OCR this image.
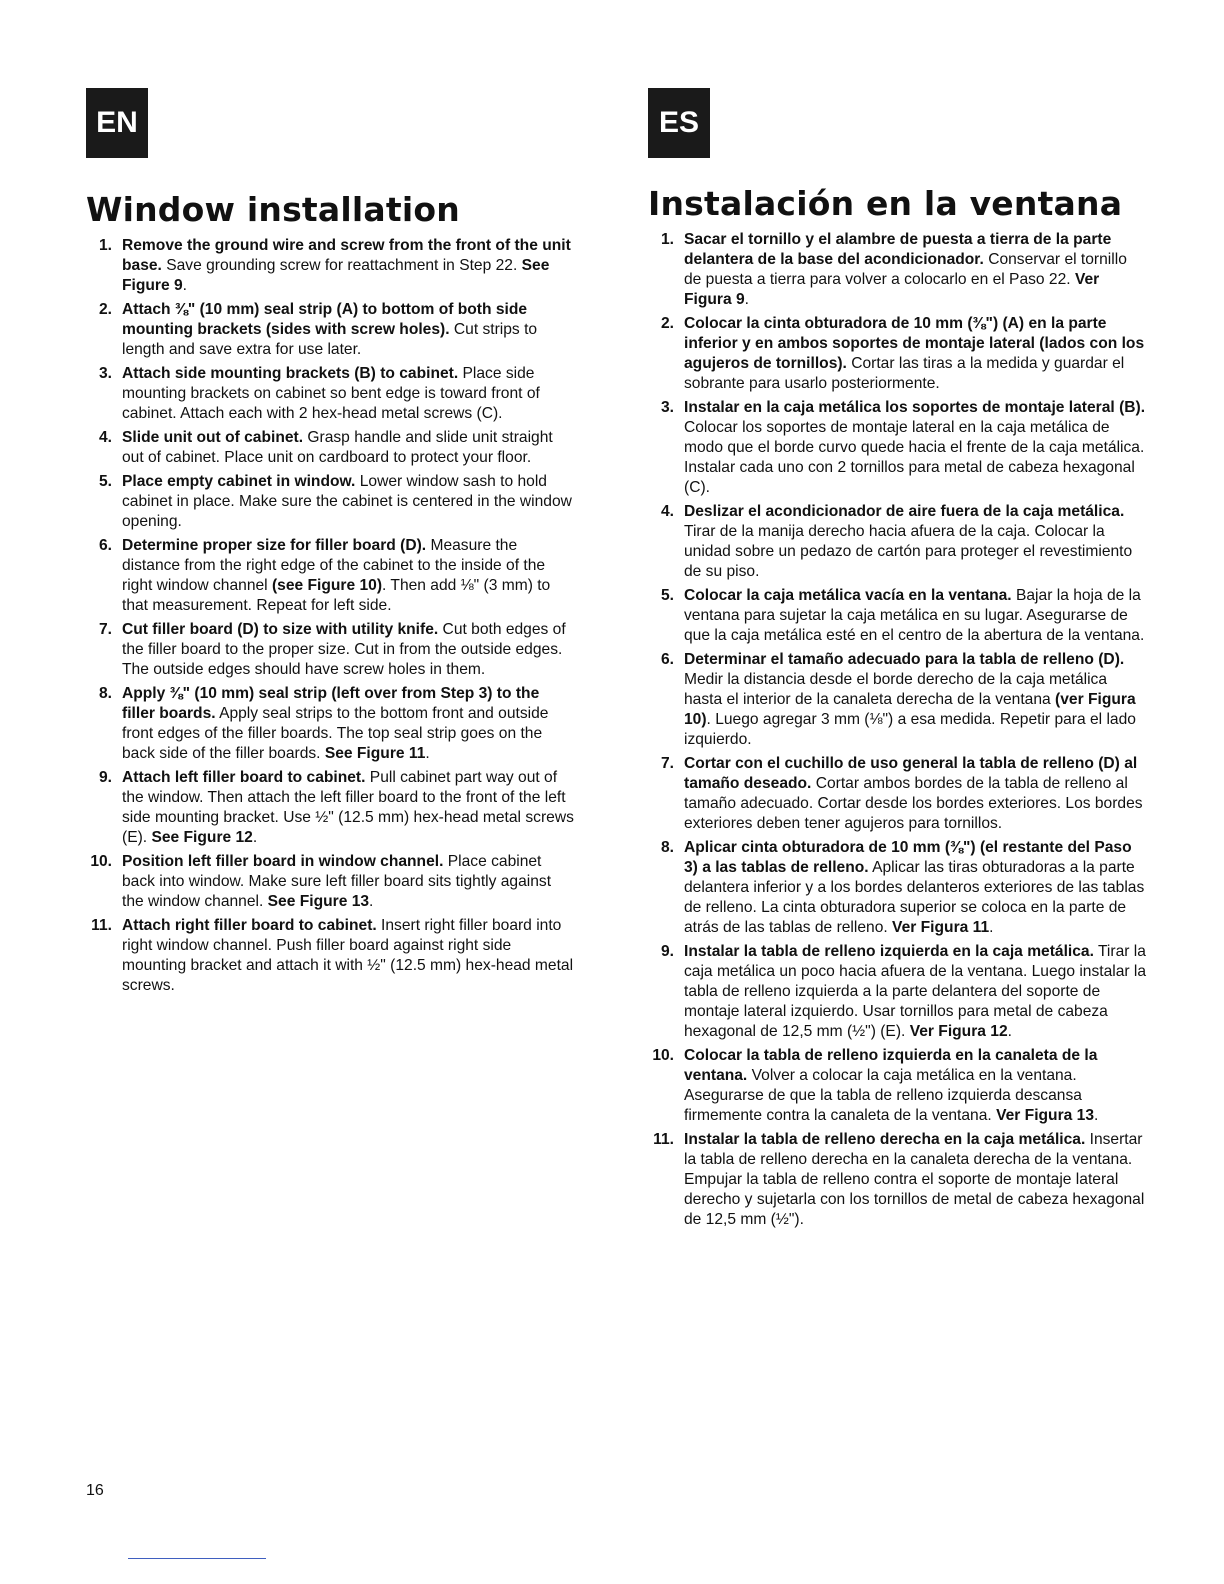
EN
Window installation
1. Remove the ground wire and screw from the front of the unit base. Save grounding screw for reattachment in Step 22. See Figure 9.
2. Attach ⅜" (10 mm) seal strip (A) to bottom of both side mounting brackets (sides with screw holes). Cut strips to length and save extra for use later.
3. Attach side mounting brackets (B) to cabinet. Place side mounting brackets on cabinet so bent edge is toward front of cabinet. Attach each with 2 hex-head metal screws (C).
4. Slide unit out of cabinet. Grasp handle and slide unit straight out of cabinet. Place unit on cardboard to protect your floor.
5. Place empty cabinet in window. Lower window sash to hold cabinet in place. Make sure the cabinet is centered in the window opening.
6. Determine proper size for filler board (D). Measure the distance from the right edge of the cabinet to the inside of the right window channel (see Figure 10). Then add ⅛" (3 mm) to that measurement. Repeat for left side.
7. Cut filler board (D) to size with utility knife. Cut both edges of the filler board to the proper size. Cut in from the outside edges. The outside edges should have screw holes in them.
8. Apply ⅜" (10 mm) seal strip (left over from Step 3) to the filler boards. Apply seal strips to the bottom front and outside front edges of the filler boards. The top seal strip goes on the back side of the filler boards. See Figure 11.
9. Attach left filler board to cabinet. Pull cabinet part way out of the window. Then attach the left filler board to the front of the left side mounting bracket. Use ½" (12.5 mm) hex-head metal screws (E). See Figure 12.
10. Position left filler board in window channel. Place cabinet back into window. Make sure left filler board sits tightly against the window channel. See Figure 13.
11. Attach right filler board to cabinet. Insert right filler board into right window channel. Push filler board against right side mounting bracket and attach it with ½" (12.5 mm) hex-head metal screws.
ES
Instalación en la ventana
1. Sacar el tornillo y el alambre de puesta a tierra de la parte delantera de la base del acondicionador. Conservar el tornillo de puesta a tierra para volver a colocarlo en el Paso 22. Ver Figura 9.
2. Colocar la cinta obturadora de 10 mm (⅜") (A) en la parte inferior y en ambos soportes de montaje lateral (lados con los agujeros de tornillos). Cortar las tiras a la medida y guardar el sobrante para usarlo posteriormente.
3. Instalar en la caja metálica los soportes de montaje lateral (B). Colocar los soportes de montaje lateral en la caja metálica de modo que el borde curvo quede hacia el frente de la caja metálica. Instalar cada uno con 2 tornillos para metal de cabeza hexagonal (C).
4. Deslizar el acondicionador de aire fuera de la caja metálica. Tirar de la manija derecho hacia afuera de la caja. Colocar la unidad sobre un pedazo de cartón para proteger el revestimiento de su piso.
5. Colocar la caja metálica vacía en la ventana. Bajar la hoja de la ventana para sujetar la caja metálica en su lugar. Asegurarse de que la caja metálica esté en el centro de la abertura de la ventana.
6. Determinar el tamaño adecuado para la tabla de relleno (D). Medir la distancia desde el borde derecho de la caja metálica hasta el interior de la canaleta derecha de la ventana (ver Figura 10). Luego agregar 3 mm (⅛") a esa medida. Repetir para el lado izquierdo.
7. Cortar con el cuchillo de uso general la tabla de relleno (D) al tamaño deseado. Cortar ambos bordes de la tabla de relleno al tamaño adecuado. Cortar desde los bordes exteriores. Los bordes exteriores deben tener agujeros para tornillos.
8. Aplicar cinta obturadora de 10 mm (⅜") (el restante del Paso 3) a las tablas de relleno. Aplicar las tiras obturadoras a la parte delantera inferior y a los bordes delanteros exteriores de las tablas de relleno. La cinta obturadora superior se coloca en la parte de atrás de las tablas de relleno. Ver Figura 11.
9. Instalar la tabla de relleno izquierda en la caja metálica. Tirar la caja metálica un poco hacia afuera de la ventana. Luego instalar la tabla de relleno izquierda a la parte delantera del soporte de montaje lateral izquierdo. Usar tornillos para metal de cabeza hexagonal de 12,5 mm (½") (E). Ver Figura 12.
10. Colocar la tabla de relleno izquierda en la canaleta de la ventana. Volver a colocar la caja metálica en la ventana. Asegurarse de que la tabla de relleno izquierda descansa firmemente contra la canaleta de la ventana. Ver Figura 13.
11. Instalar la tabla de relleno derecha en la caja metálica. Insertar la tabla de relleno derecha en la canaleta derecha de la ventana. Empujar la tabla de relleno contra el soporte de montaje lateral derecho y sujetarla con los tornillos de metal de cabeza hexagonal de 12,5 mm (½").
16
